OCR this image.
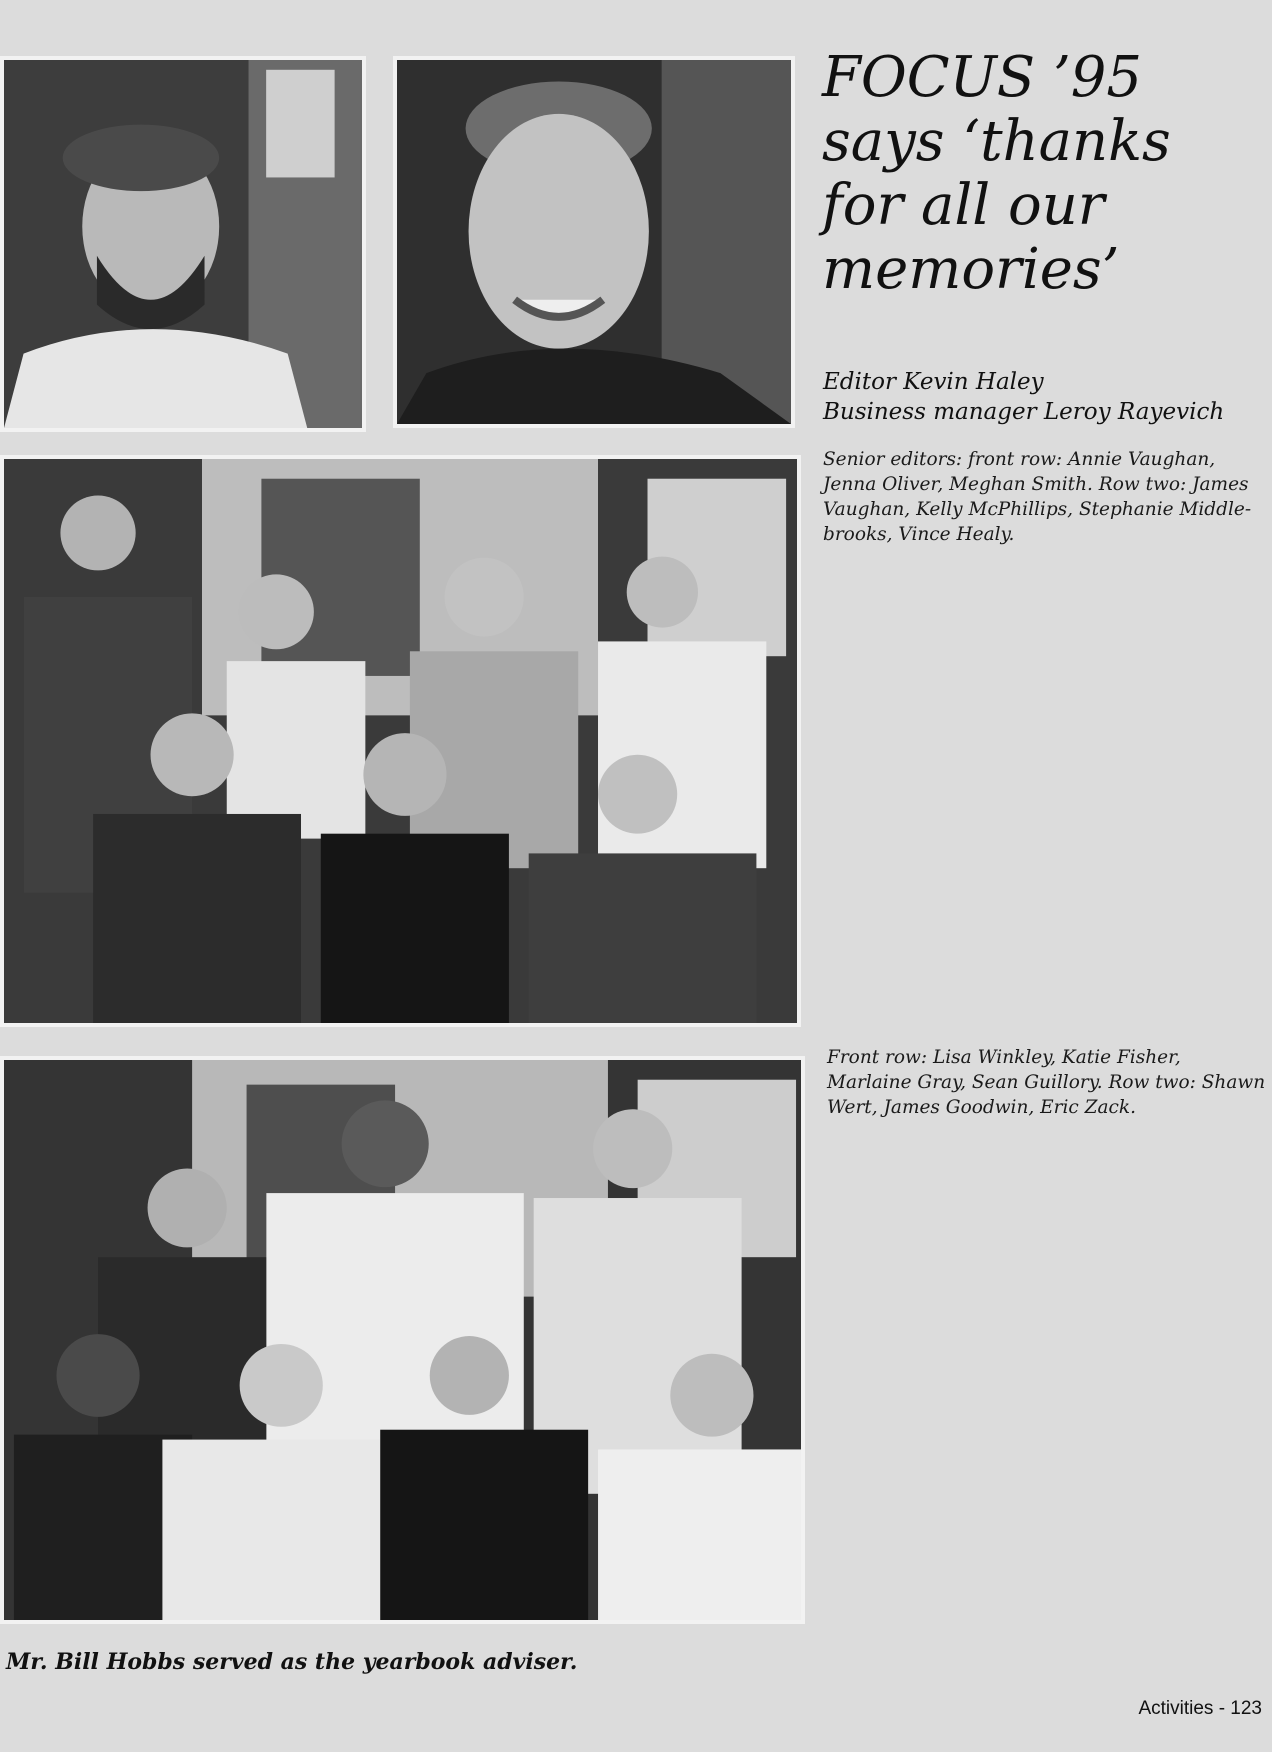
FOCUS ’95
says ‘thanks
for all our
memories’
Editor Kevin Haley
Business manager Leroy Rayevich

Senior editors: front row: Annie Vaughan, Jenna Oliver, Meghan Smith. Row two: James Vaughan, Kelly McPhillips, Stephanie Middle- brooks, Vince Healy.

Front row: Lisa Winkley, Katie Fisher, Marlaine Gray, Sean Guillory. Row two: Shawn Wert, James Goodwin, Eric Zack.

Mr. Bill Hobbs served as the yearbook adviser.

Activities - 123
